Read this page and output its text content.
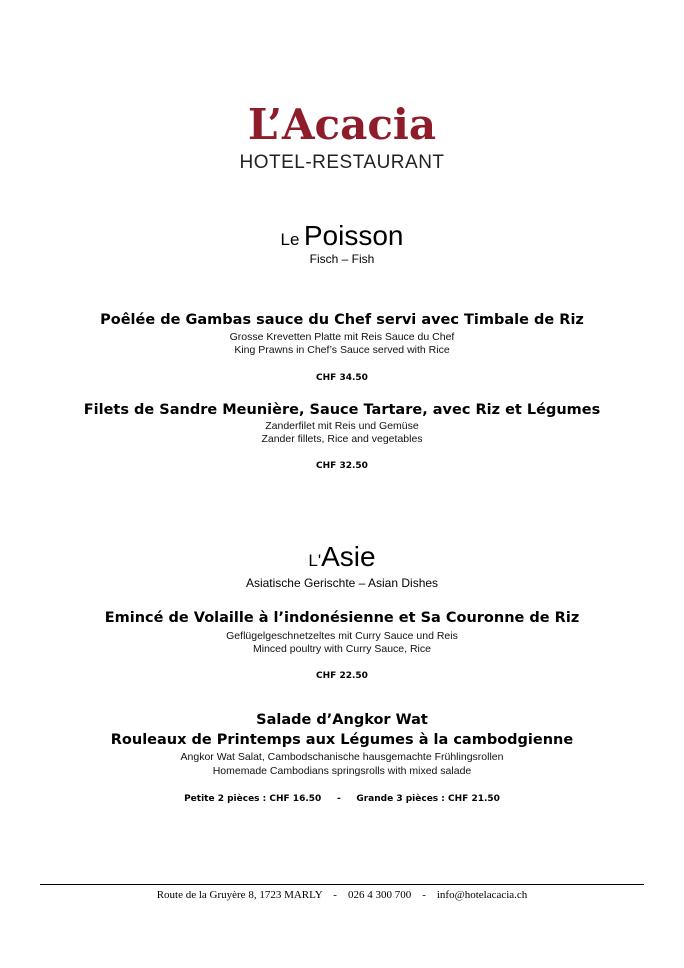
L’Acacia
HOTEL-RESTAURANT
Le Poisson
Fisch – Fish
Poêlée de Gambas sauce du Chef servi avec Timbale de Riz
Grosse Krevetten Platte mit Reis Sauce du Chef
King Prawns in Chef’s Sauce served with Rice
CHF 34.50
Filets de Sandre Meunière, Sauce Tartare, avec Riz et Légumes
Zanderfilet mit Reis und Gemüse
Zander fillets, Rice and vegetables
CHF 32.50
L'Asie
Asiatische Gerischte – Asian Dishes
Emincé de Volaille à l’indonésienne et Sa Couronne de Riz
Geflügelgeschnetzeltes mit Curry Sauce und Reis
Minced poultry with Curry Sauce, Rice
CHF 22.50
Salade d’Angkor Wat
Rouleaux de Printemps aux Légumes à la cambodgienne
Angkor Wat Salat, Cambodschanische hausgemachte Frühlingsrollen
Homemade Cambodians springsrolls with mixed salade
Petite 2 pièces : CHF 16.50     -     Grande 3 pièces : CHF 21.50
Route de la Gruyère 8, 1723 MARLY    -    026 4 300 700    -    info@hotelacacia.ch
